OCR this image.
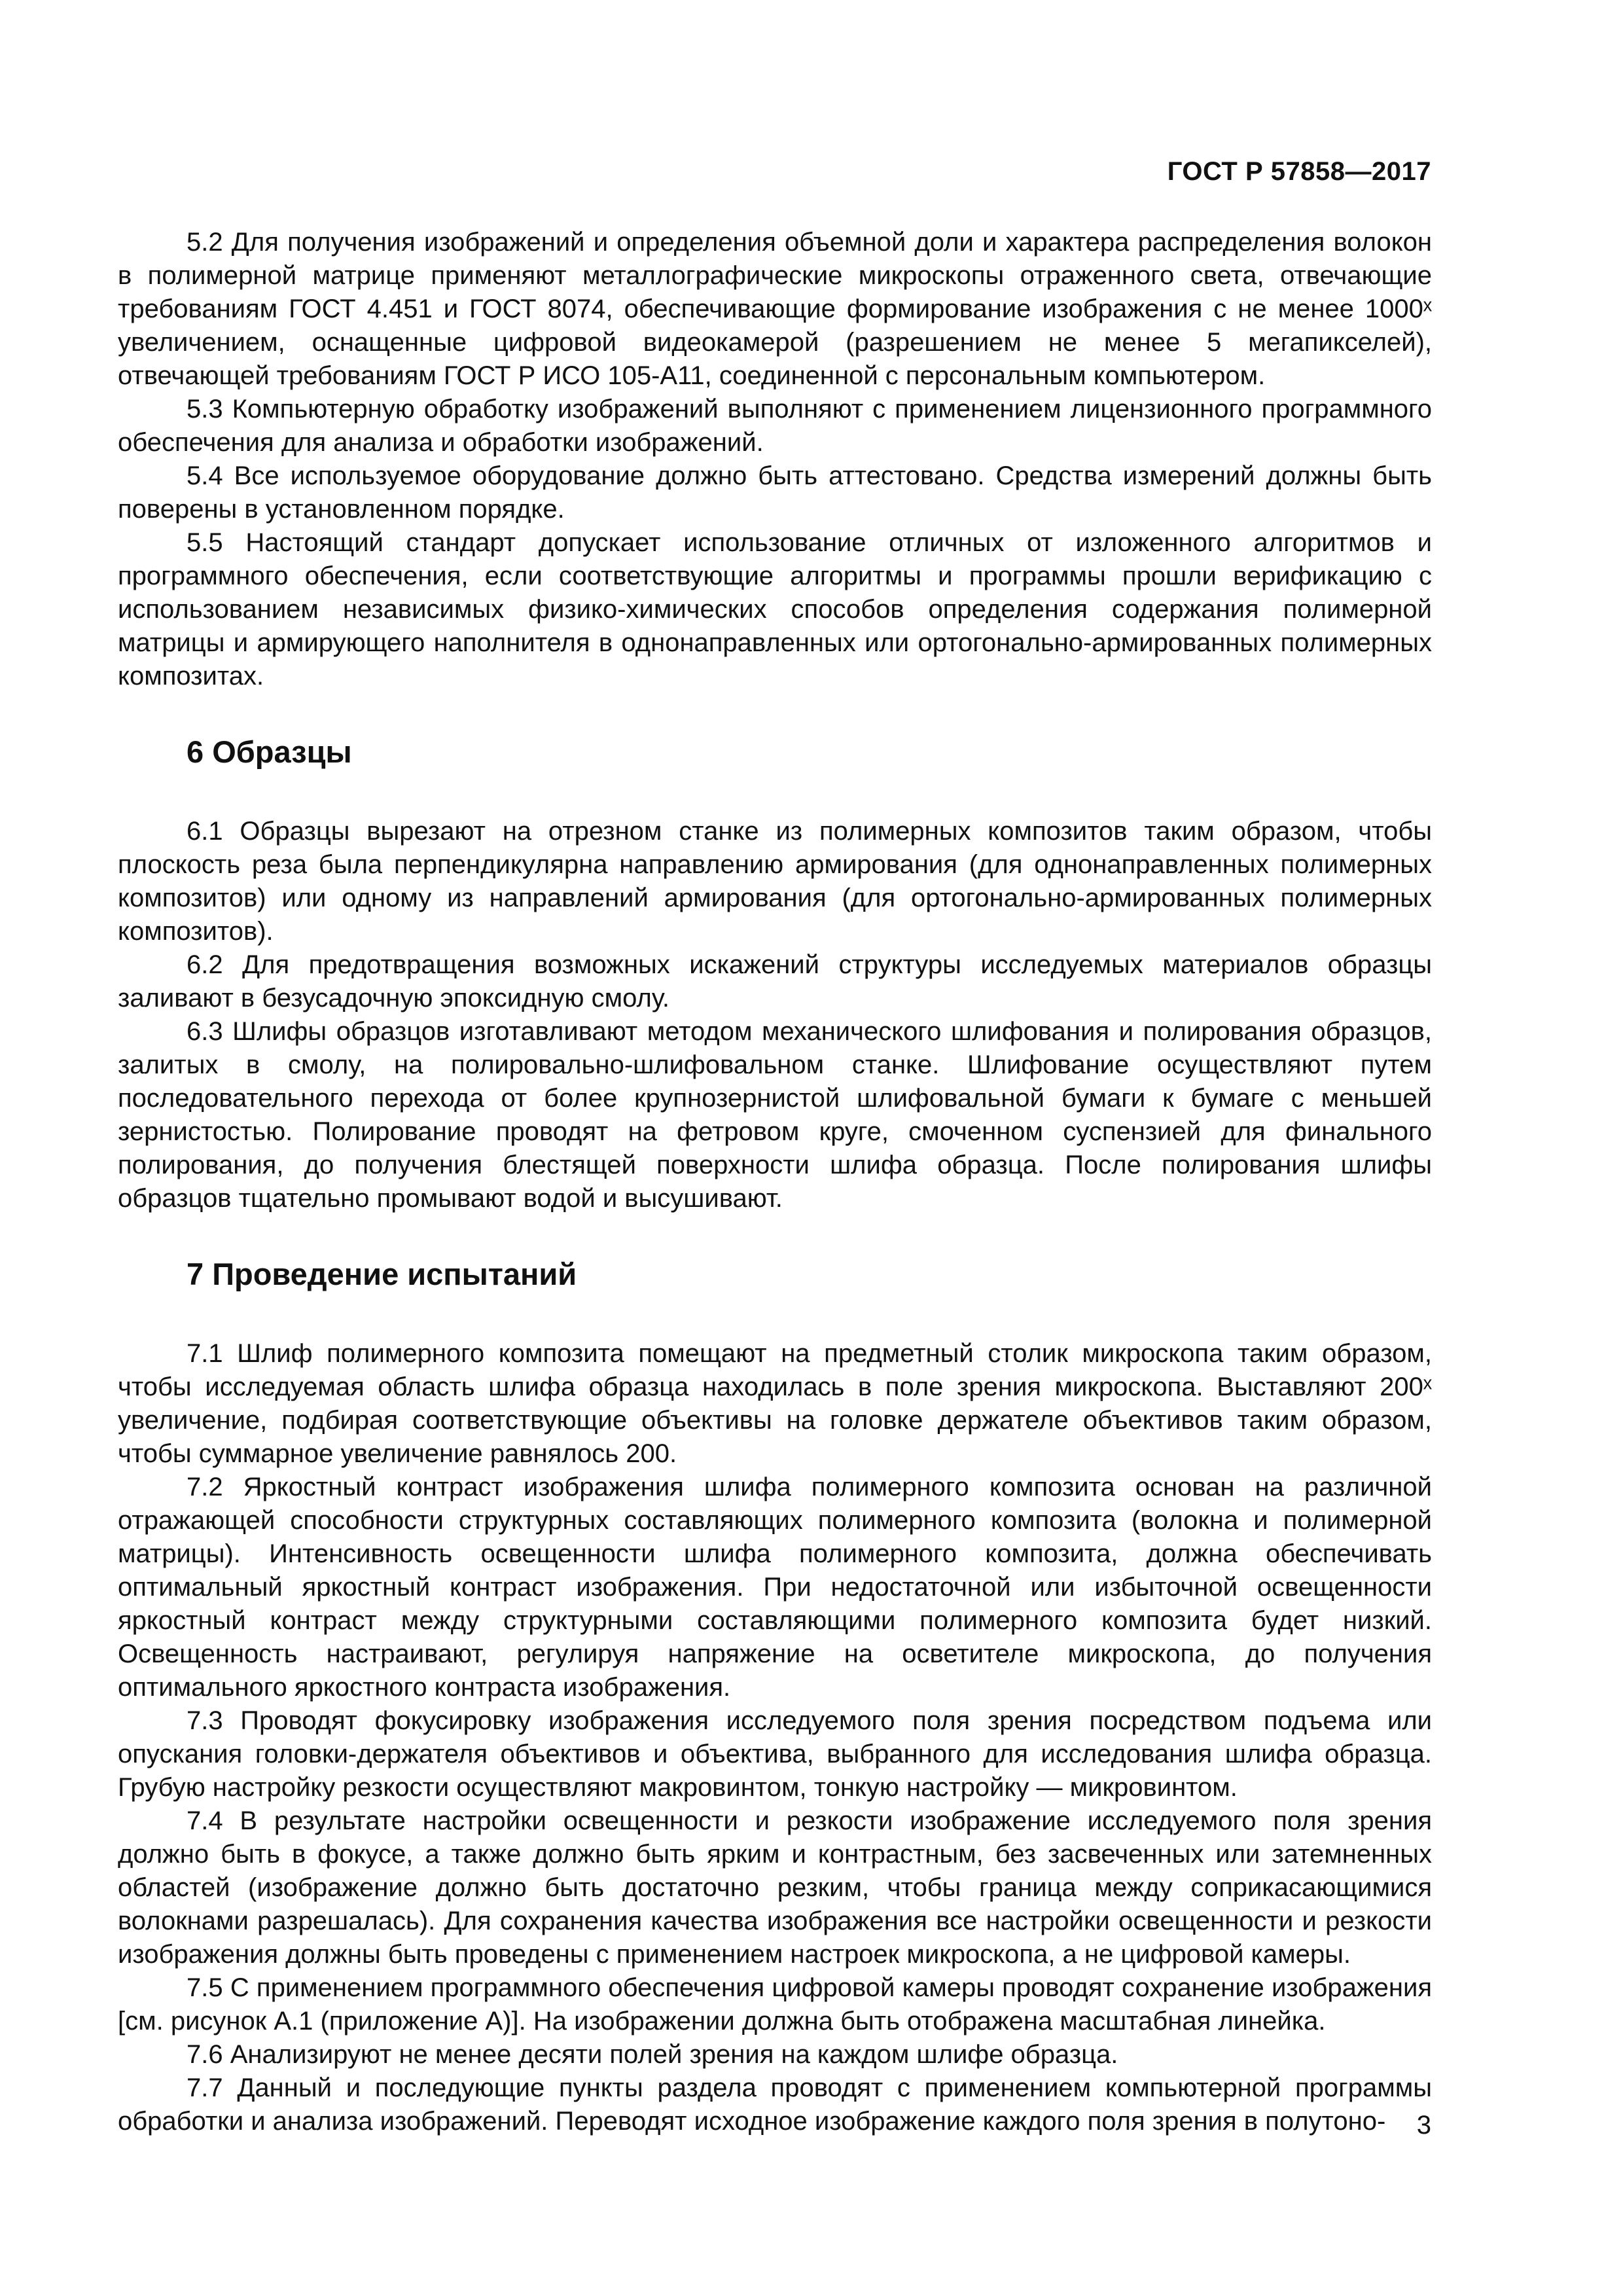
ГОСТ Р 57858—2017

5.2 Для получения изображений и определения объемной доли и характера распределения волокон в полимерной матрице применяют металлографические микроскопы отраженного света, отвечающие требованиям ГОСТ 4.451 и ГОСТ 8074, обеспечивающие формирование изображения с не менее 1000ˣ увеличением, оснащенные цифровой видеокамерой (разрешением не менее 5 мегапикселей), отвечающей требованиям ГОСТ Р ИСО 105-А11, соединенной с персональным компьютером.

5.3 Компьютерную обработку изображений выполняют с применением лицензионного программного обеспечения для анализа и обработки изображений.

5.4 Все используемое оборудование должно быть аттестовано. Средства измерений должны быть поверены в установленном порядке.

5.5 Настоящий стандарт допускает использование отличных от изложенного алгоритмов и программного обеспечения, если соответствующие алгоритмы и программы прошли верификацию с использованием независимых физико-химических способов определения содержания полимерной матрицы и армирующего наполнителя в однонаправленных или ортогонально-армированных полимерных композитах.

6 Образцы

6.1 Образцы вырезают на отрезном станке из полимерных композитов таким образом, чтобы плоскость реза была перпендикулярна направлению армирования (для однонаправленных полимерных композитов) или одному из направлений армирования (для ортогонально-армированных полимерных композитов).

6.2 Для предотвращения возможных искажений структуры исследуемых материалов образцы заливают в безусадочную эпоксидную смолу.

6.3 Шлифы образцов изготавливают методом механического шлифования и полирования образцов, залитых в смолу, на полировально-шлифовальном станке. Шлифование осуществляют путем последовательного перехода от более крупнозернистой шлифовальной бумаги к бумаге с меньшей зернистостью. Полирование проводят на фетровом круге, смоченном суспензией для финального полирования, до получения блестящей поверхности шлифа образца. После полирования шлифы образцов тщательно промывают водой и высушивают.

7 Проведение испытаний

7.1 Шлиф полимерного композита помещают на предметный столик микроскопа таким образом, чтобы исследуемая область шлифа образца находилась в поле зрения микроскопа. Выставляют 200ˣ увеличение, подбирая соответствующие объективы на головке держателе объективов таким образом, чтобы суммарное увеличение равнялось 200.

7.2 Яркостный контраст изображения шлифа полимерного композита основан на различной отражающей способности структурных составляющих полимерного композита (волокна и полимерной матрицы). Интенсивность освещенности шлифа полимерного композита, должна обеспечивать оптимальный яркостный контраст изображения. При недостаточной или избыточной освещенности яркостный контраст между структурными составляющими полимерного композита будет низкий. Освещенность настраивают, регулируя напряжение на осветителе микроскопа, до получения оптимального яркостного контраста изображения.

7.3 Проводят фокусировку изображения исследуемого поля зрения посредством подъема или опускания головки-держателя объективов и объектива, выбранного для исследования шлифа образца. Грубую настройку резкости осуществляют макровинтом, тонкую настройку — микровинтом.

7.4 В результате настройки освещенности и резкости изображение исследуемого поля зрения должно быть в фокусе, а также должно быть ярким и контрастным, без засвеченных или затемненных областей (изображение должно быть достаточно резким, чтобы граница между соприкасающимися волокнами разрешалась). Для сохранения качества изображения все настройки освещенности и резкости изображения должны быть проведены с применением настроек микроскопа, а не цифровой камеры.

7.5 С применением программного обеспечения цифровой камеры проводят сохранение изображения [см. рисунок А.1 (приложение А)]. На изображении должна быть отображена масштабная линейка.

7.6 Анализируют не менее десяти полей зрения на каждом шлифе образца.

7.7 Данный и последующие пункты раздела проводят с применением компьютерной программы обработки и анализа изображений. Переводят исходное изображение каждого поля зрения в полутоно-	3
